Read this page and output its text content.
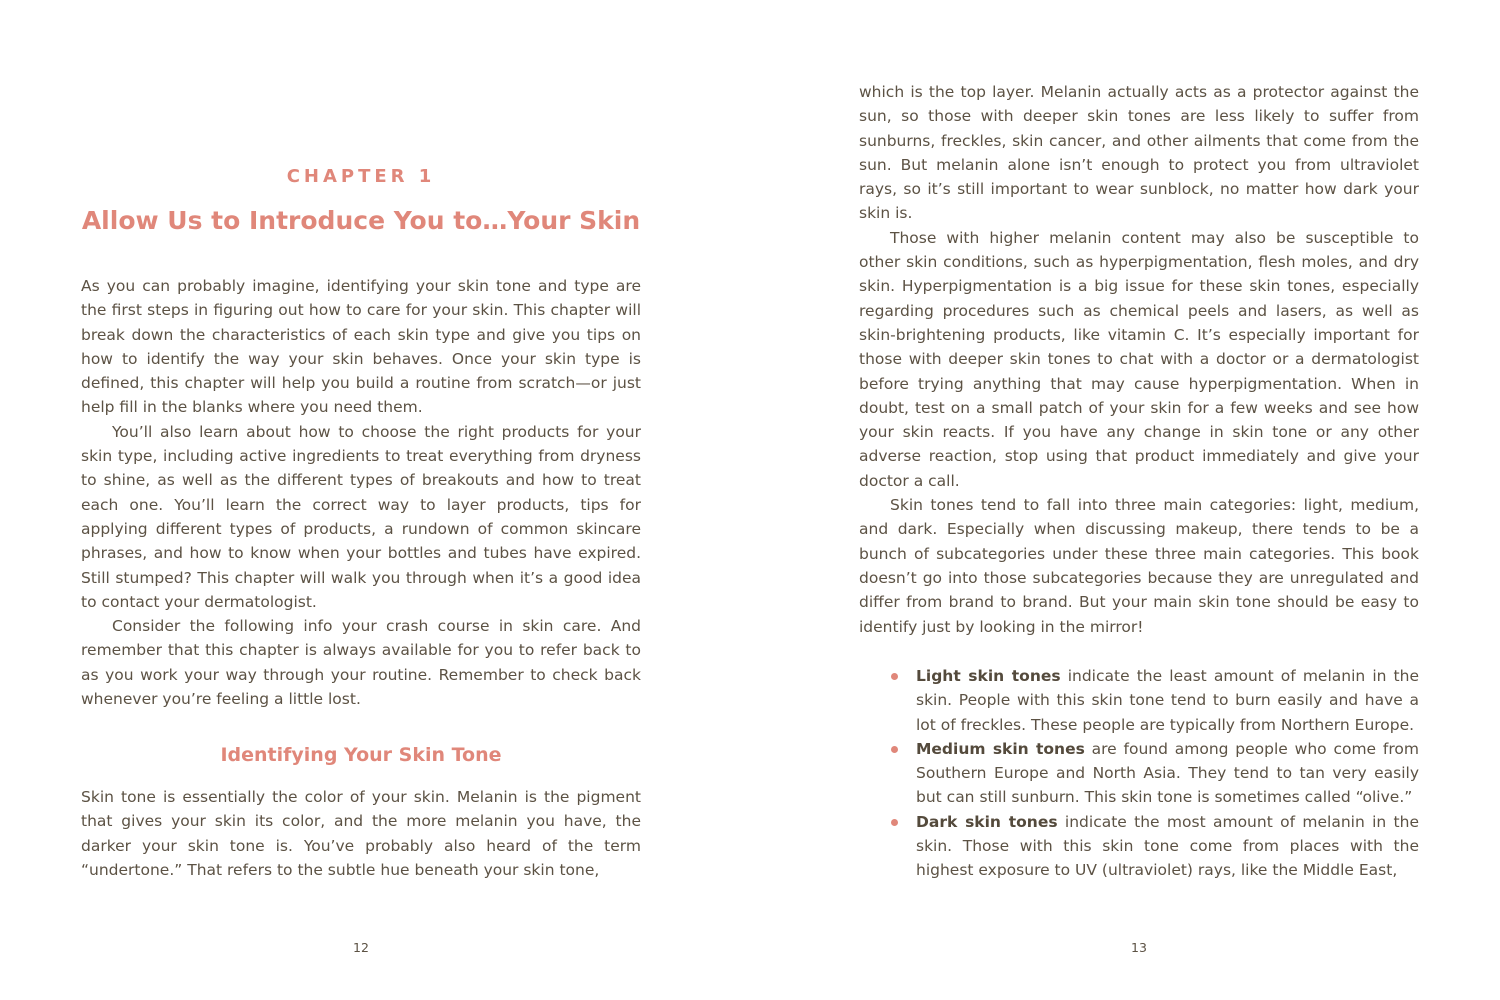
CHAPTER 1
Allow Us to Introduce You to…Your Skin

As you can probably imagine, identifying your skin tone and type are the first steps in figuring out how to care for your skin. This chapter will break down the characteristics of each skin type and give you tips on how to identify the way your skin behaves. Once your skin type is defined, this chapter will help you build a routine from scratch—or just help fill in the blanks where you need them.

You’ll also learn about how to choose the right products for your skin type, including active ingredients to treat everything from dryness to shine, as well as the different types of breakouts and how to treat each one. You’ll learn the correct way to layer products, tips for applying different types of products, a rundown of common skincare phrases, and how to know when your bottles and tubes have expired. Still stumped? This chapter will walk you through when it’s a good idea to contact your dermatologist.

Consider the following info your crash course in skin care. And remember that this chapter is always available for you to refer back to as you work your way through your routine. Remember to check back whenever you’re feeling a little lost.

Identifying Your Skin Tone

Skin tone is essentially the color of your skin. Melanin is the pigment that gives your skin its color, and the more melanin you have, the darker your skin tone is. You’ve probably also heard of the term “undertone.” That refers to the subtle hue beneath your skin tone,

12

which is the top layer. Melanin actually acts as a protector against the sun, so those with deeper skin tones are less likely to suffer from sunburns, freckles, skin cancer, and other ailments that come from the sun. But melanin alone isn’t enough to protect you from ultraviolet rays, so it’s still important to wear sunblock, no matter how dark your skin is.

Those with higher melanin content may also be susceptible to other skin conditions, such as hyperpigmentation, flesh moles, and dry skin. Hyperpigmentation is a big issue for these skin tones, especially regarding procedures such as chemical peels and lasers, as well as skin-brightening products, like vitamin C. It’s especially important for those with deeper skin tones to chat with a doctor or a dermatologist before trying anything that may cause hyperpigmentation. When in doubt, test on a small patch of your skin for a few weeks and see how your skin reacts. If you have any change in skin tone or any other adverse reaction, stop using that product immediately and give your doctor a call.

Skin tones tend to fall into three main categories: light, medium, and dark. Especially when discussing makeup, there tends to be a bunch of subcategories under these three main categories. This book doesn’t go into those subcategories because they are unregulated and differ from brand to brand. But your main skin tone should be easy to identify just by looking in the mirror!

Light skin tones indicate the least amount of melanin in the skin. People with this skin tone tend to burn easily and have a lot of freckles. These people are typically from Northern Europe.
Medium skin tones are found among people who come from Southern Europe and North Asia. They tend to tan very easily but can still sunburn. This skin tone is sometimes called “olive.”
Dark skin tones indicate the most amount of melanin in the skin. Those with this skin tone come from places with the highest exposure to UV (ultraviolet) rays, like the Middle East,
13
